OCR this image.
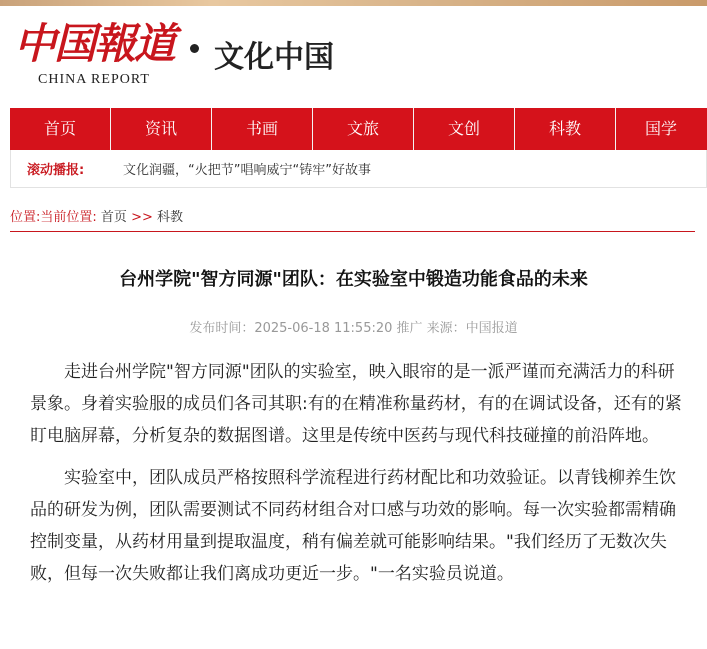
中国報道
CHINA REPORT
文化中国
首页	资讯	书画	文旅	文创	科教	国学
滚动播报:	文化润疆，“火把节”唱响威宁“铸牢”好故事
位置:当前位置: 首页 >> 科教
台州学院"智方同源"团队：在实验室中锻造功能食品的未来
发布时间：2025-06-18 11:55:20 推广 来源：中国报道

走进台州学院"智方同源"团队的实验室，映入眼帘的是一派严谨而充满活力的科研景象。身着实验服的成员们各司其职:有的在精准称量药材，有的在调试设备，还有的紧盯电脑屏幕，分析复杂的数据图谱。这里是传统中医药与现代科技碰撞的前沿阵地。

实验室中，团队成员严格按照科学流程进行药材配比和功效验证。以青钱柳养生饮品的研发为例，团队需要测试不同药材组合对口感与功效的影响。每一次实验都需精确控制变量，从药材用量到提取温度，稍有偏差就可能影响结果。"我们经历了无数次失败，但每一次失败都让我们离成功更近一步。"一名实验员说道。
